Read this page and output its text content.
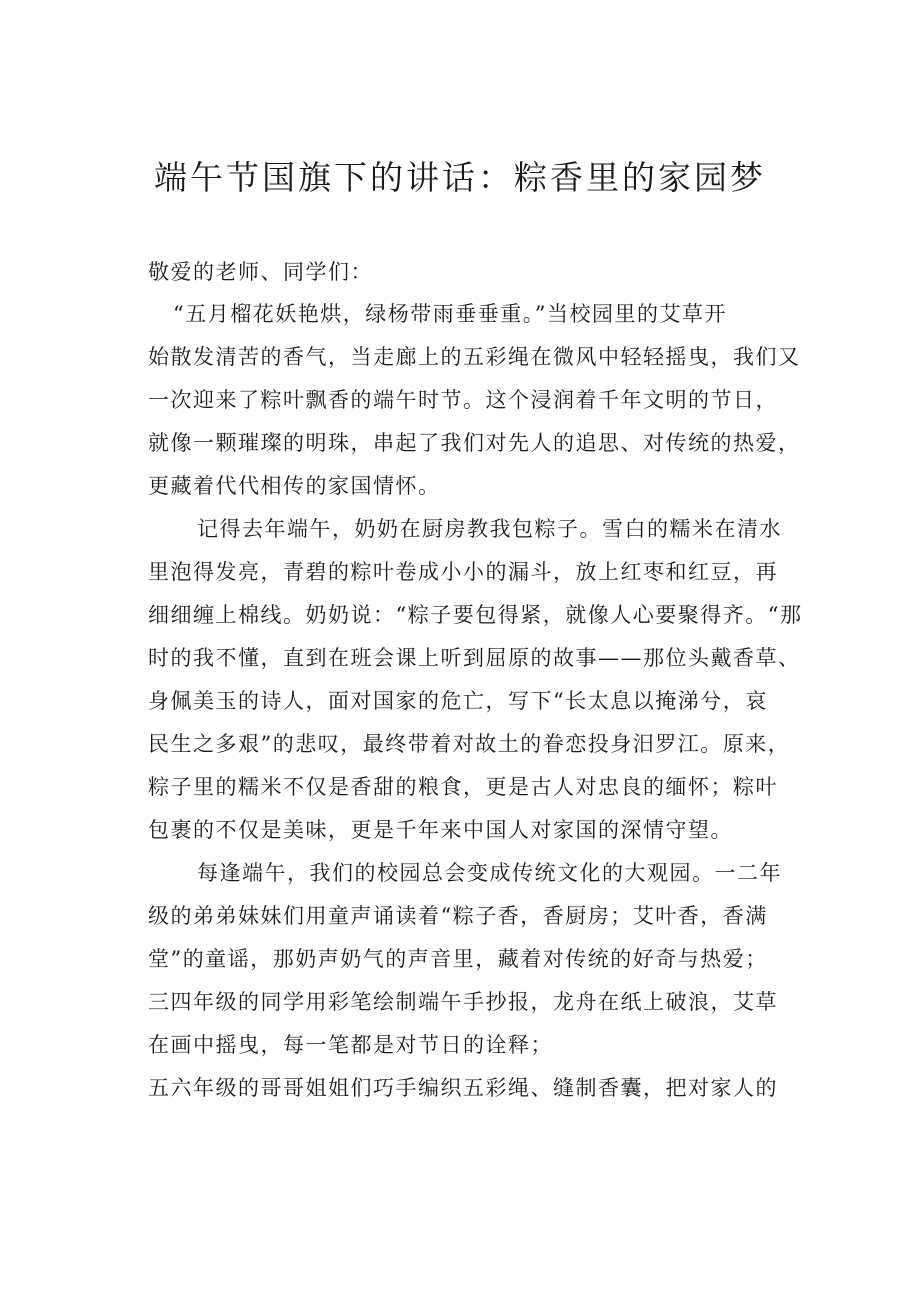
端午节国旗下的讲话：粽香里的家园梦
敬爱的老师、同学们：
“五月榴花妖艳烘，绿杨带雨垂垂重。”当校园里的艾草开
始散发清苦的香气，当走廊上的五彩绳在微风中轻轻摇曳，我们又
一次迎来了粽叶飘香的端午时节。这个浸润着千年文明的节日，
就像一颗璀璨的明珠，串起了我们对先人的追思、对传统的热爱，
更藏着代代相传的家国情怀。
记得去年端午，奶奶在厨房教我包粽子。雪白的糯米在清水
里泡得发亮，青碧的粽叶卷成小小的漏斗，放上红枣和红豆，再
细细缠上棉线。奶奶说：“粽子要包得紧，就像人心要聚得齐。“那
时的我不懂，直到在班会课上听到屈原的故事——那位头戴香草、
身佩美玉的诗人，面对国家的危亡，写下“长太息以掩涕兮，哀
民生之多艰”的悲叹，最终带着对故土的眷恋投身汨罗江。原来，
粽子里的糯米不仅是香甜的粮食，更是古人对忠良的缅怀；粽叶
包裹的不仅是美味，更是千年来中国人对家国的深情守望。
每逢端午，我们的校园总会变成传统文化的大观园。一二年
级的弟弟妹妹们用童声诵读着“粽子香，香厨房；艾叶香，香满
堂”的童谣，那奶声奶气的声音里，藏着对传统的好奇与热爱；
三四年级的同学用彩笔绘制端午手抄报，龙舟在纸上破浪，艾草
在画中摇曳，每一笔都是对节日的诠释；
五六年级的哥哥姐姐们巧手编织五彩绳、缝制香囊，把对家人的
